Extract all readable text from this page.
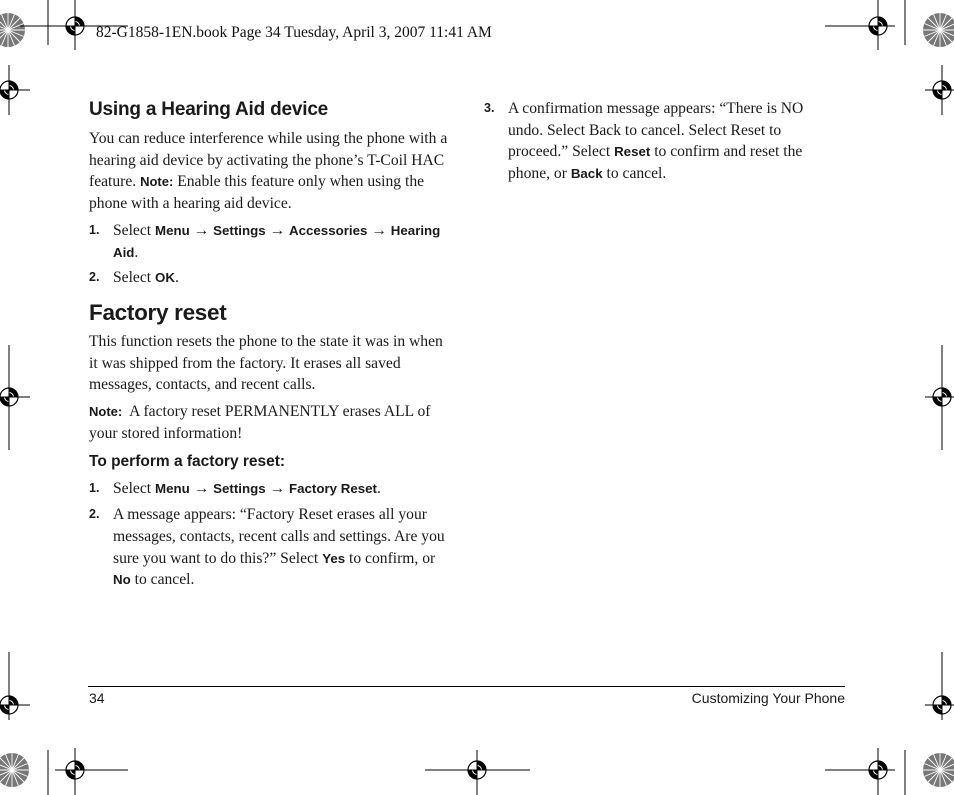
82-G1858-1EN.book Page 34 Tuesday, April 3, 2007 11:41 AM
Using a Hearing Aid device

You can reduce interference while using the phone with a hearing aid device by activating the phone’s T-Coil HAC feature. Note: Enable this feature only when using the phone with a hearing aid device.

1. Select Menu → Settings → Accessories → Hearing Aid.
2. Select OK.
Factory reset

This function resets the phone to the state it was in when it was shipped from the factory. It erases all saved messages, contacts, and recent calls.

Note: A factory reset PERMANENTLY erases ALL of your stored information!

To perform a factory reset:
1. Select Menu → Settings → Factory Reset.
2. A message appears: “Factory Reset erases all your messages, contacts, recent calls and settings. Are you sure you want to do this?” Select Yes to confirm, or No to cancel.
3. A confirmation message appears: “There is NO undo. Select Back to cancel. Select Reset to proceed.” Select Reset to confirm and reset the phone, or Back to cancel.
34	Customizing Your Phone
